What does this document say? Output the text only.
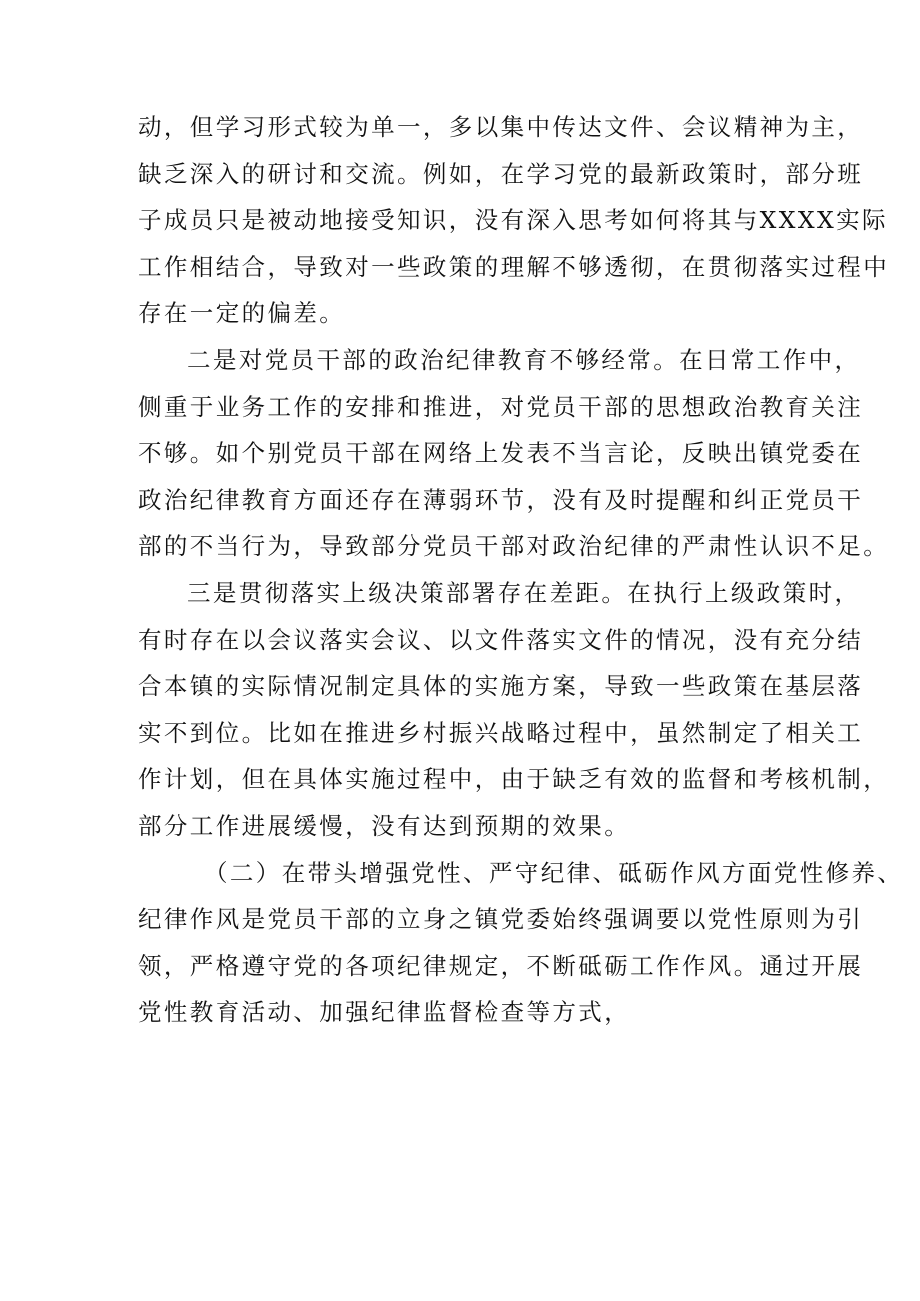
动，但学习形式较为单一，多以集中传达文件、会议精神为主，
缺乏深入的研讨和交流。例如，在学习党的最新政策时，部分班
子成员只是被动地接受知识，没有深入思考如何将其与XXXX实际
工作相结合，导致对一些政策的理解不够透彻，在贯彻落实过程中
存在一定的偏差。
二是对党员干部的政治纪律教育不够经常。在日常工作中，
侧重于业务工作的安排和推进，对党员干部的思想政治教育关注
不够。如个别党员干部在网络上发表不当言论，反映出镇党委在
政治纪律教育方面还存在薄弱环节，没有及时提醒和纠正党员干
部的不当行为，导致部分党员干部对政治纪律的严肃性认识不足。
三是贯彻落实上级决策部署存在差距。在执行上级政策时，
有时存在以会议落实会议、以文件落实文件的情况，没有充分结
合本镇的实际情况制定具体的实施方案，导致一些政策在基层落
实不到位。比如在推进乡村振兴战略过程中，虽然制定了相关工
作计划，但在具体实施过程中，由于缺乏有效的监督和考核机制，
部分工作进展缓慢，没有达到预期的效果。
（二）在带头增强党性、严守纪律、砥砺作风方面党性修养、
纪律作风是党员干部的立身之镇党委始终强调要以党性原则为引
领，严格遵守党的各项纪律规定，不断砥砺工作作风。通过开展
党性教育活动、加强纪律监督检查等方式，
